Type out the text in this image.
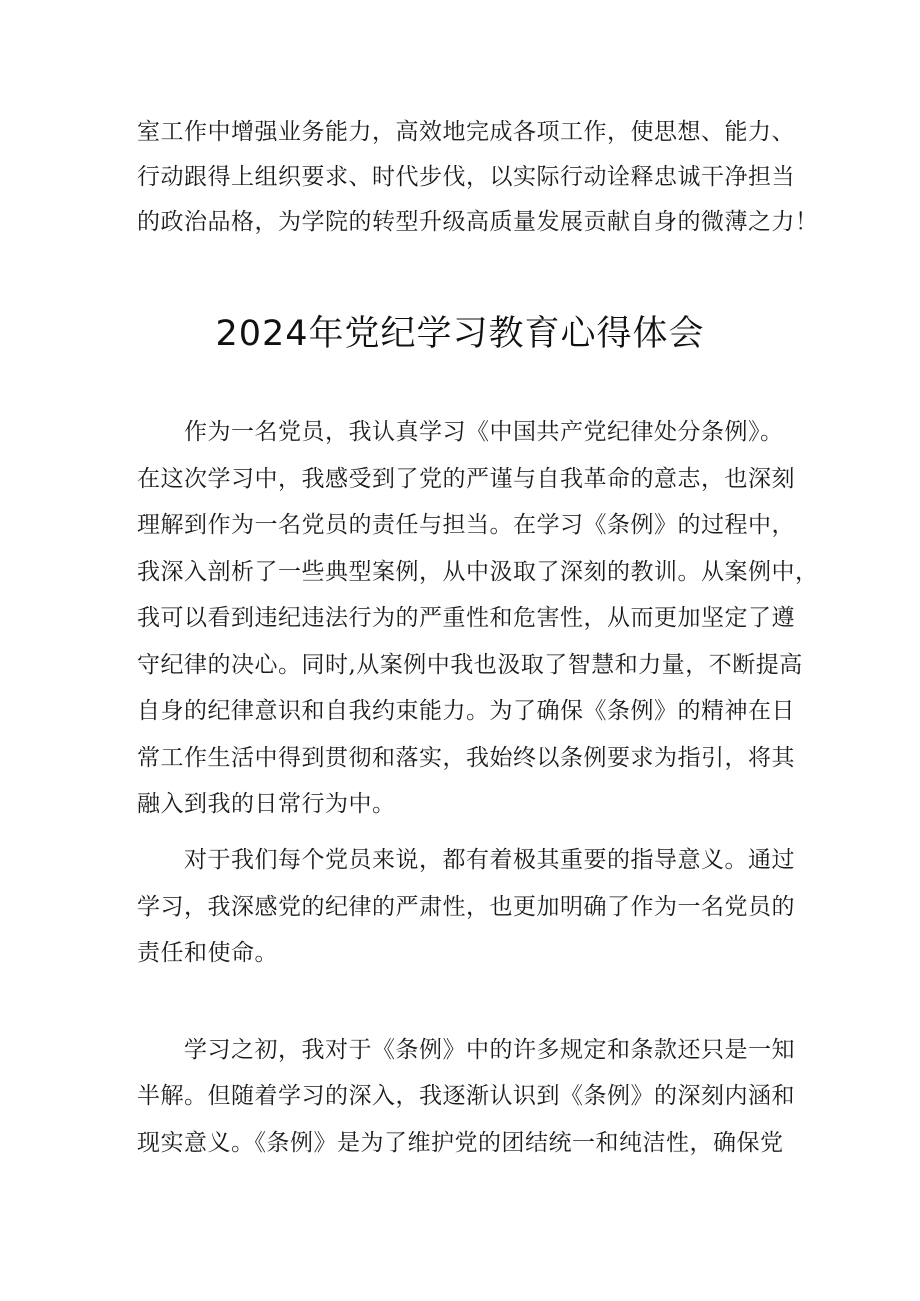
室工作中增强业务能力，高效地完成各项工作，使思想、能力、
行动跟得上组织要求、时代步伐，以实际行动诠释忠诚干净担当
的政治品格，为学院的转型升级高质量发展贡献自身的微薄之力！
2024年党纪学习教育心得体会
作为一名党员，我认真学习《中国共产党纪律处分条例》。
在这次学习中，我感受到了党的严谨与自我革命的意志，也深刻
理解到作为一名党员的责任与担当。在学习《条例》的过程中，
我深入剖析了一些典型案例，从中汲取了深刻的教训。从案例中，
我可以看到违纪违法行为的严重性和危害性，从而更加坚定了遵
守纪律的决心。同时,从案例中我也汲取了智慧和力量，不断提高
自身的纪律意识和自我约束能力。为了确保《条例》的精神在日
常工作生活中得到贯彻和落实，我始终以条例要求为指引，将其
融入到我的日常行为中。
对于我们每个党员来说，都有着极其重要的指导意义。通过
学习，我深感党的纪律的严肃性，也更加明确了作为一名党员的
责任和使命。
学习之初，我对于《条例》中的许多规定和条款还只是一知
半解。但随着学习的深入，我逐渐认识到《条例》的深刻内涵和
现实意义。《条例》是为了维护党的团结统一和纯洁性，确保党
